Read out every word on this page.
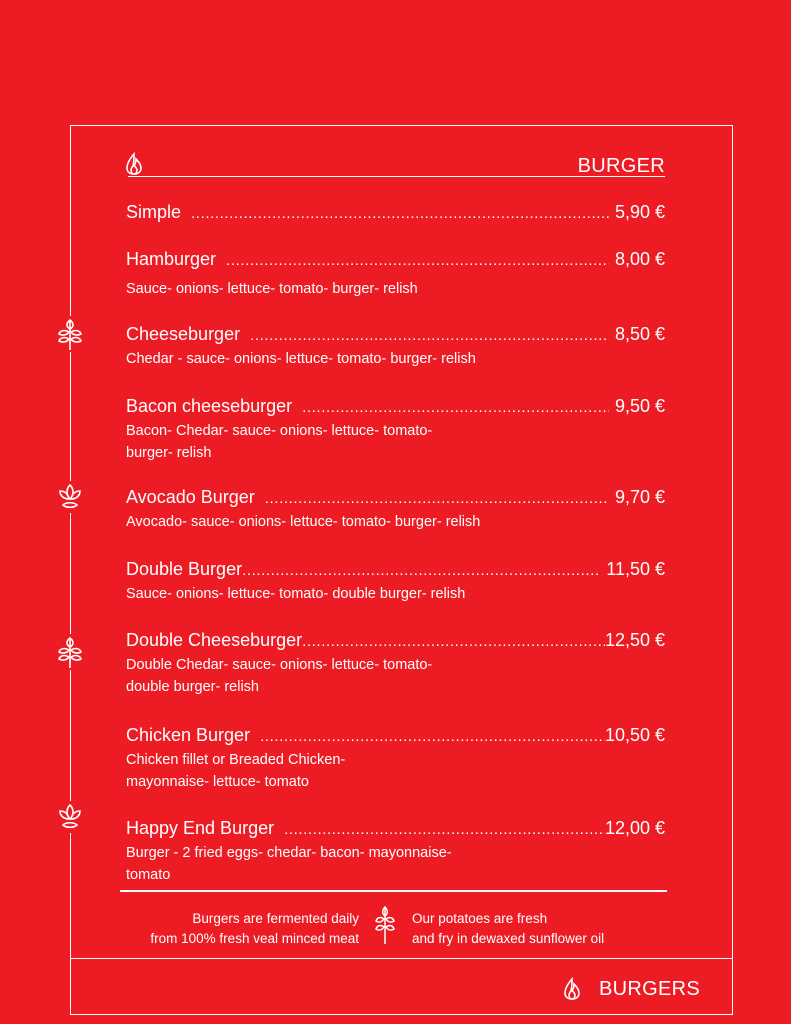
BURGER
Simple .....	5,90 €
Hamburger .....	8,00 €
Sauce- onions- lettuce- tomato- burger- relish
Cheeseburger .....	8,50 €
Chedar - sauce- onions- lettuce- tomato- burger- relish
Bacon cheeseburger .....	9,50 €
Bacon- Chedar- sauce- onions- lettuce- tomato-
burger- relish
Avocado Burger .....	9,70 €
Avocado- sauce- onions- lettuce- tomato- burger- relish
Double Burger .....	11,50 €
Sauce- onions- lettuce- tomato- double burger- relish
Double Cheeseburger .....	12,50 €
Double Chedar- sauce- onions- lettuce- tomato-
double burger- relish
Chicken Burger .....	10,50 €
Chicken fillet or Breaded Chicken-
mayonnaise- lettuce- tomato
Happy End Burger .....	12,00 €
Burger - 2 fried eggs- chedar- bacon- mayonnaise-
tomato
Burgers are fermented daily
from 100% fresh veal minced meat
Our potatoes are fresh
and fry in dewaxed sunflower oil
BURGERS
